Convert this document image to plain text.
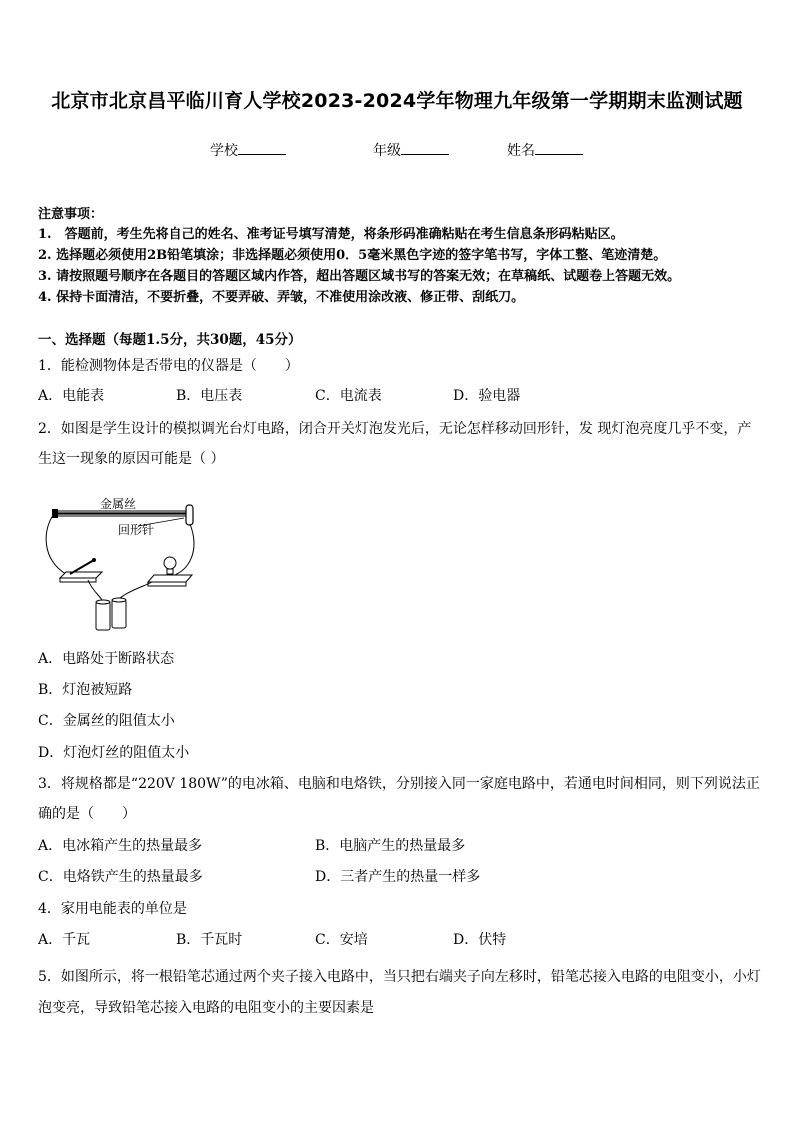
北京市北京昌平临川育人学校2023-2024学年物理九年级第一学期期末监测试题
学校	年级	姓名
注意事项：
1.　答题前，考生先将自己的姓名、准考证号填写清楚，将条形码准确粘贴在考生信息条形码粘贴区。
2. 选择题必须使用2B铅笔填涂；非选择题必须使用0．5毫米黑色字迹的签字笔书写，字体工整、笔迹清楚。
3. 请按照题号顺序在各题目的答题区域内作答，超出答题区域书写的答案无效；在草稿纸、试题卷上答题无效。
4. 保持卡面清洁，不要折叠，不要弄破、弄皱，不准使用涂改液、修正带、刮纸刀。
一、选择题（每题1.5分，共30题，45分）
1．能检测物体是否带电的仪器是（　　）
A．电能表	B．电压表	C．电流表	D．验电器
2．如图是学生设计的模拟调光台灯电路，闭合开关灯泡发光后，无论怎样移动回形针，发 现灯泡亮度几乎不变，产
生这一现象的原因可能是（ ）
金属丝
回形针
A．电路处于断路状态
B．灯泡被短路
C．金属丝的阻值太小
D．灯泡灯丝的阻值太小
3．将规格都是“220V 180W”的电冰箱、电脑和电烙铁，分别接入同一家庭电路中，若通电时间相同，则下列说法正
确的是（　　）
A．电冰箱产生的热量最多	B．电脑产生的热量最多
C．电烙铁产生的热量最多	D．三者产生的热量一样多
4．家用电能表的单位是
A．千瓦	B．千瓦时	C．安培	D．伏特
5．如图所示，将一根铅笔芯通过两个夹子接入电路中，当只把右端夹子向左移时，铅笔芯接入电路的电阻变小，小灯
泡变亮，导致铅笔芯接入电路的电阻变小的主要因素是
